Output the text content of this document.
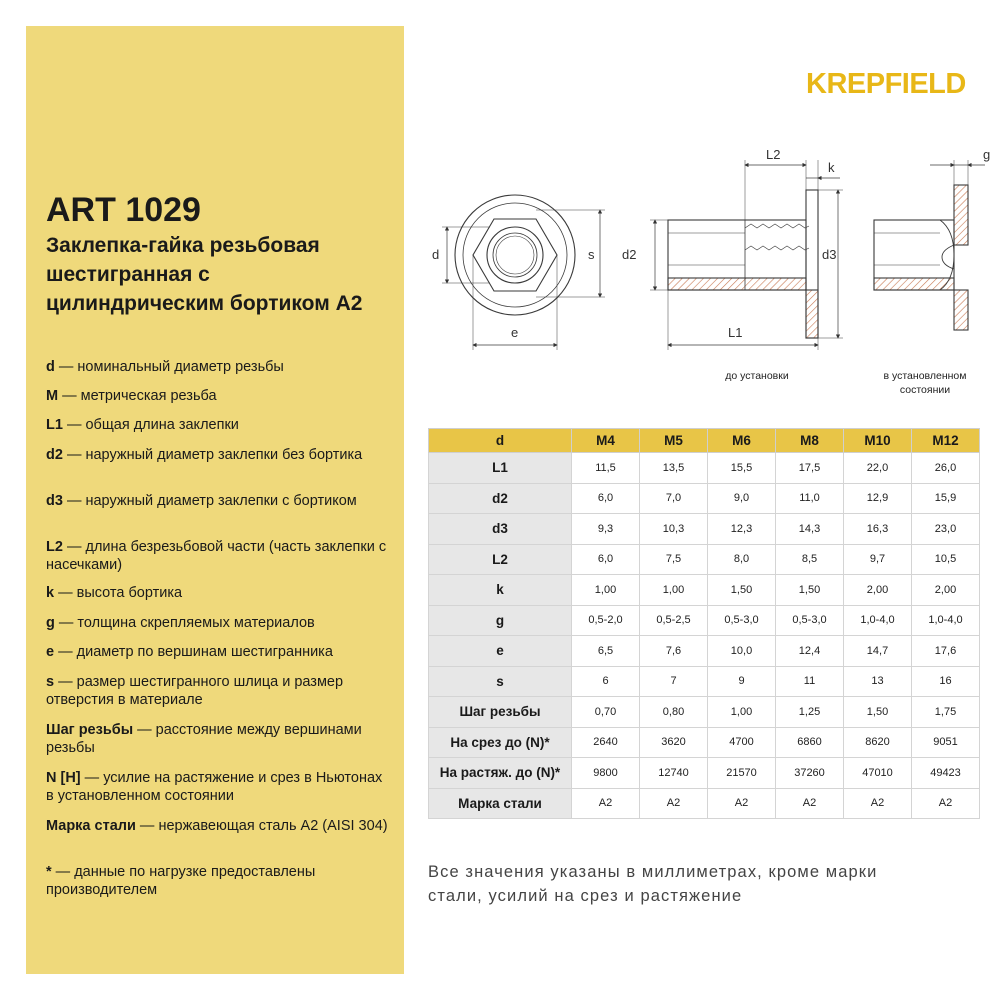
ART 1029
Заклепка-гайка резьбовая шестигранная с цилиндрическим бортиком A2
d — номинальный диаметр резьбы
M — метрическая резьба
L1 — общая длина заклепки
d2 — наружный диаметр заклепки без бортика
d3 — наружный диаметр заклепки с бортиком
L2 — длина безрезьбовой части (часть заклепки с насечками)
k — высота бортика
g — толщина скрепляемых материалов
e — диаметр по вершинам шестигранника
s — размер шестигранного шлица и размер отверстия в материале
Шаг резьбы — расстояние между вершинами резьбы
N [Н] — усилие на растяжение и срез в Ньютонах в установленном состоянии
Марка стали — нержавеющая сталь A2 (AISI 304)
* — данные по нагрузке предоставлены производителем
KREPFIELD
d	s
e
d2	d3
L1
L2
k
g
до установки	в установленном состоянии
d	M4	M5	M6	M8	M10	M12
L1	11,5	13,5	15,5	17,5	22,0	26,0
d2	6,0	7,0	9,0	11,0	12,9	15,9
d3	9,3	10,3	12,3	14,3	16,3	23,0
L2	6,0	7,5	8,0	8,5	9,7	10,5
k	1,00	1,00	1,50	1,50	2,00	2,00
g	0,5-2,0	0,5-2,5	0,5-3,0	0,5-3,0	1,0-4,0	1,0-4,0
e	6,5	7,6	10,0	12,4	14,7	17,6
s	6	7	9	11	13	16
Шаг резьбы	0,70	0,80	1,00	1,25	1,50	1,75
На срез до (N)*	2640	3620	4700	6860	8620	9051
На растяж. до (N)*	9800	12740	21570	37260	47010	49423
Марка стали	A2	A2	A2	A2	A2	A2
Все значения указаны в миллиметрах, кроме марки стали, усилий на срез и растяжение
